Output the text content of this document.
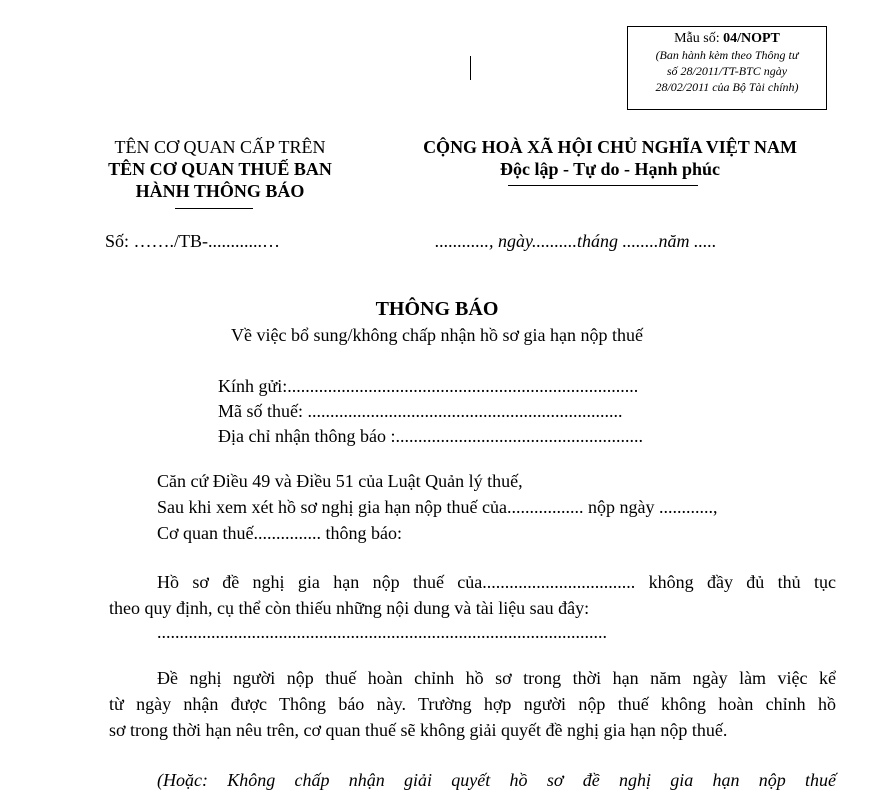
Mẫu số: 04/NOPT
(Ban hành kèm theo Thông tư
số 28/2011/TT-BTC ngày
28/02/2011 của Bộ Tài chính)
TÊN CƠ QUAN CẤP TRÊN
TÊN CƠ QUAN THUẾ BAN
HÀNH THÔNG BÁO
CỘNG HOÀ XÃ HỘI CHỦ NGHĨA VIỆT NAM
Độc lập - Tự do - Hạnh phúc
Số: ……./TB-............…	............, ngày..........tháng ........năm .....
THÔNG BÁO
Về việc bổ sung/không chấp nhận hồ sơ gia hạn nộp thuế
Kính gửi:..............................................................................
Mã số thuế: ......................................................................
Địa chỉ nhận thông báo :.......................................................
Căn cứ Điều 49 và Điều 51 của Luật Quản lý thuế,
Sau khi xem xét hồ sơ nghị gia hạn nộp thuế của................. nộp ngày ............,
Cơ quan thuế............... thông báo:
Hồ sơ đề nghị gia hạn nộp thuế của.................................. không đầy đủ thủ tục
theo quy định, cụ thể còn thiếu những nội dung và tài liệu sau đây:
....................................................................................................
Đề nghị người nộp thuế hoàn chỉnh hồ sơ trong thời hạn năm ngày làm việc kể
từ ngày nhận được Thông báo này. Trường hợp người nộp thuế không hoàn chỉnh hồ
sơ trong thời hạn nêu trên, cơ quan thuế sẽ không giải quyết đề nghị gia hạn nộp thuế.
(Hoặc: Không chấp nhận giải quyết hồ sơ đề nghị gia hạn nộp thuế
